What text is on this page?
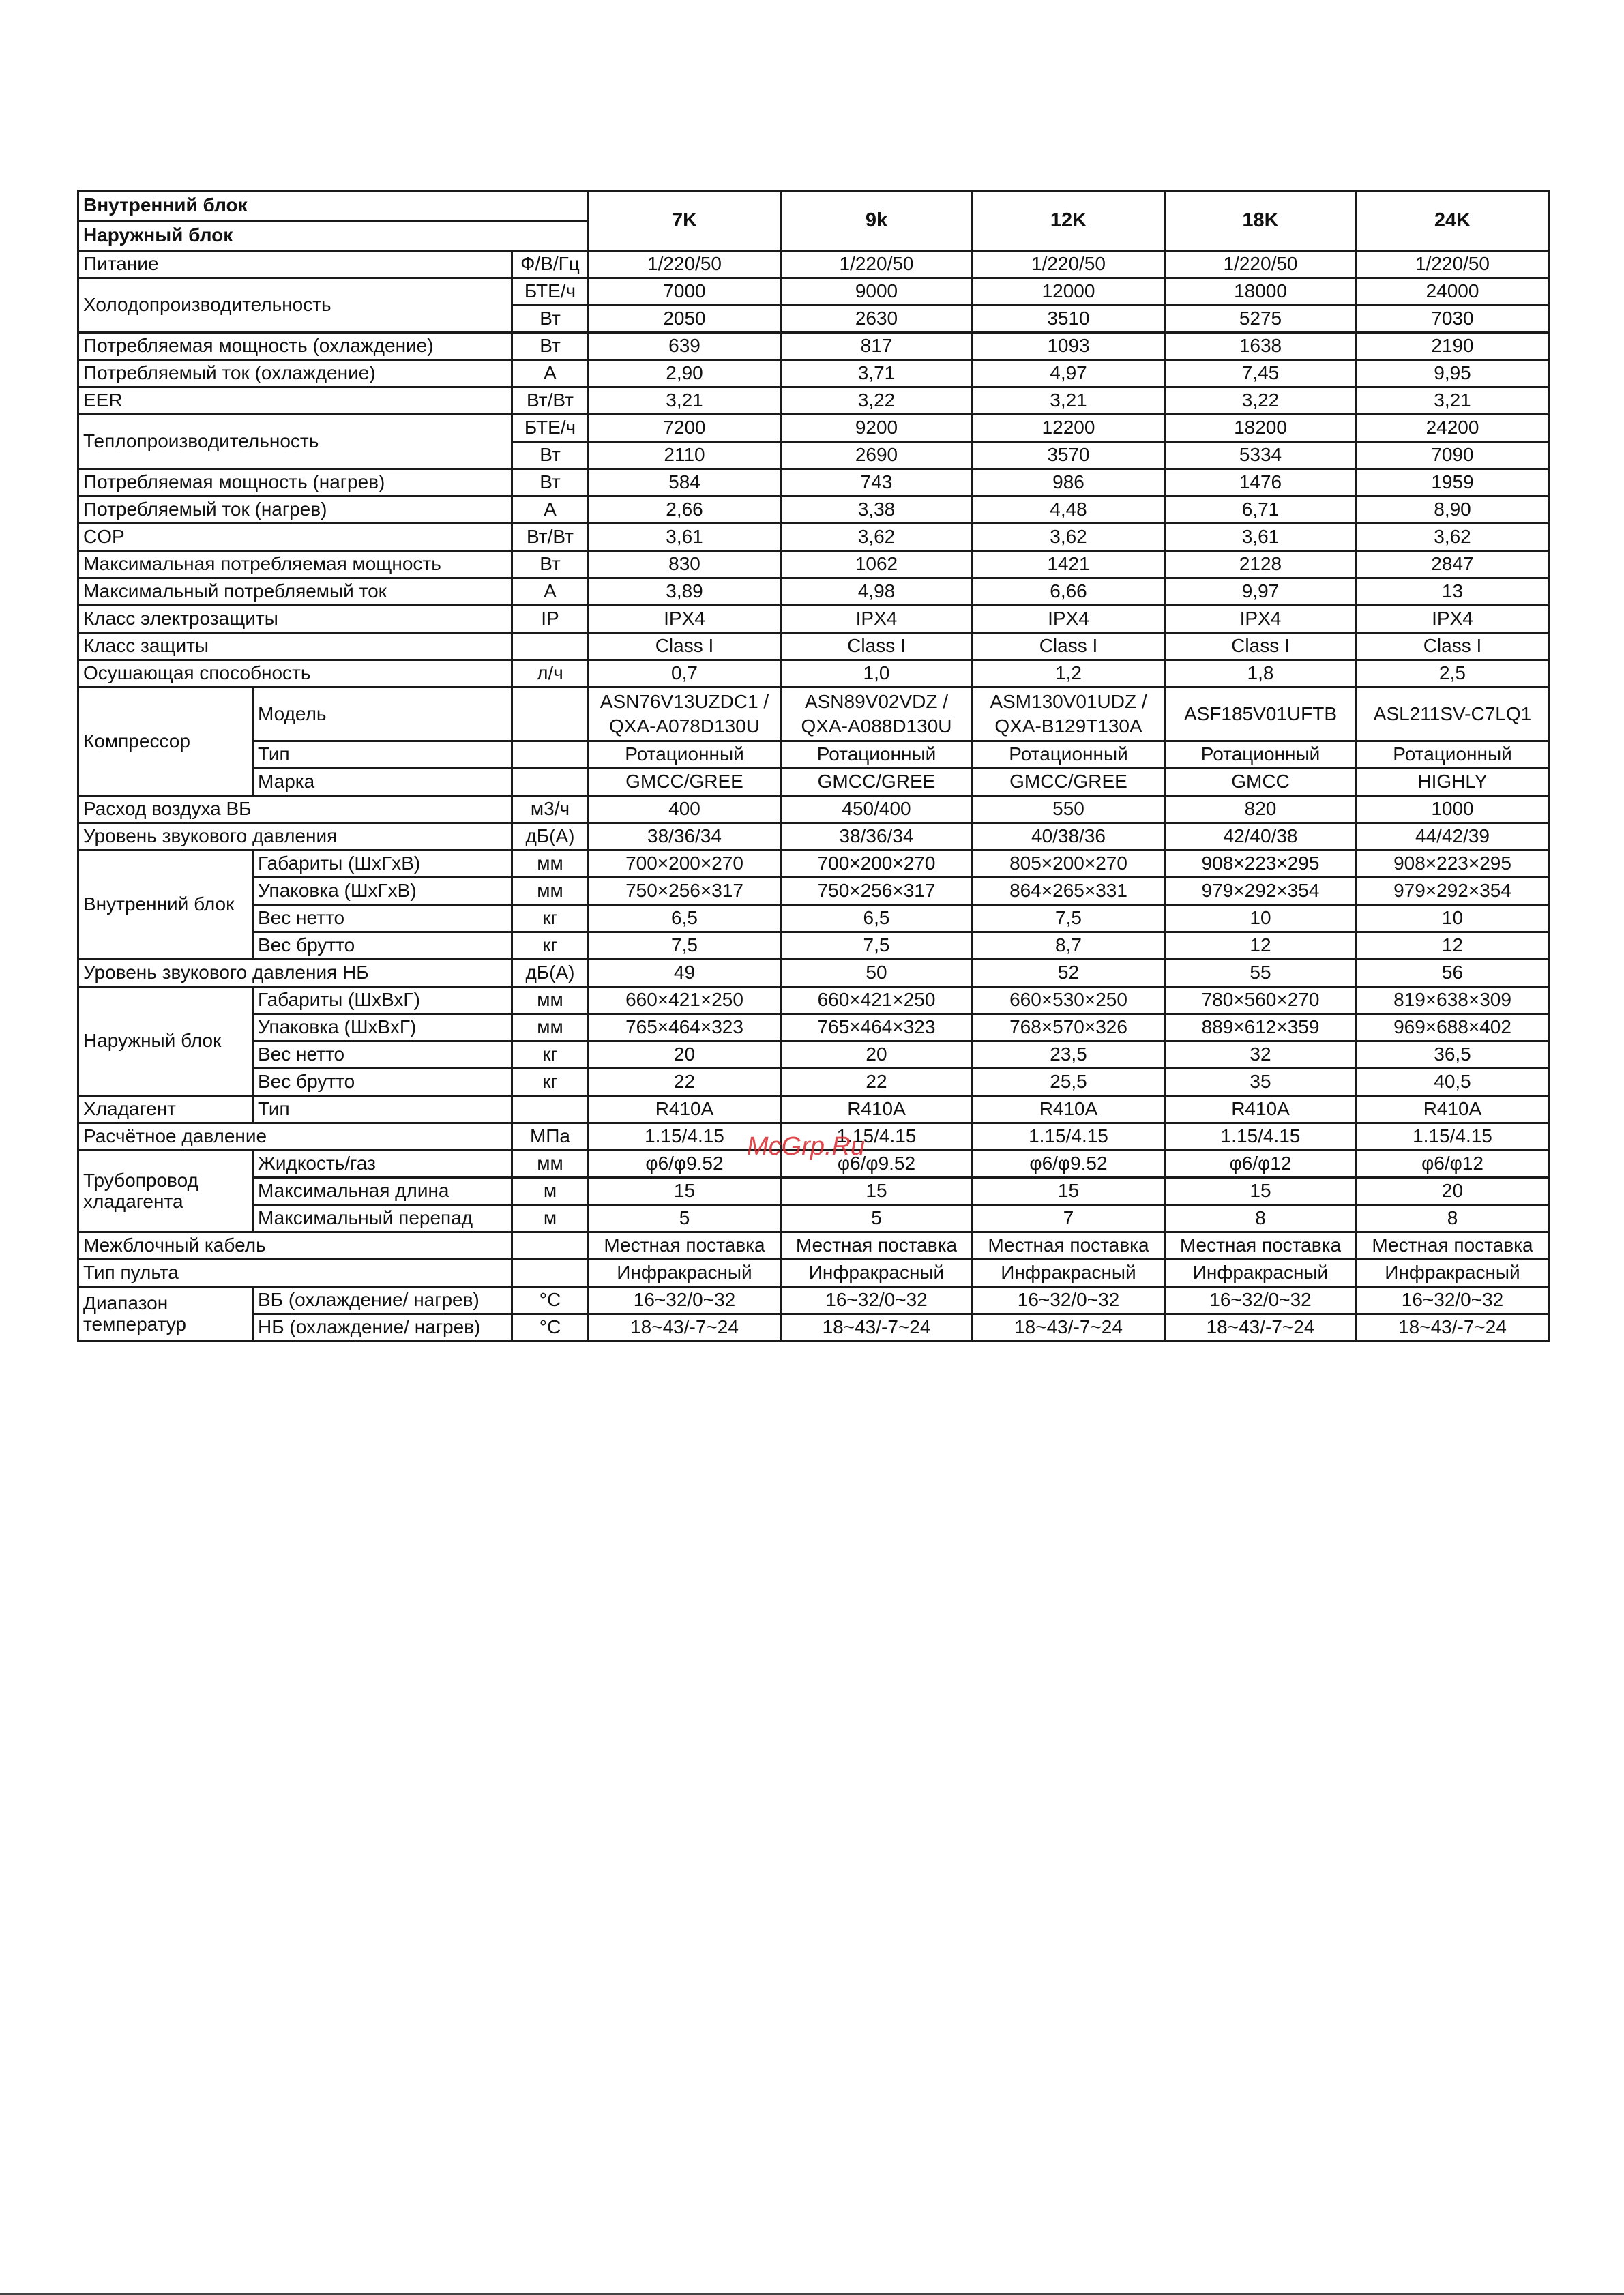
Внутренний блок			7K	9k	12K	18K	24K
Наружный блок							
Питание		Ф/В/Гц	1/220/50	1/220/50	1/220/50	1/220/50	1/220/50
Холодопроизводительность		БТЕ/ч	7000	9000	12000	18000	24000
		Вт	2050	2630	3510	5275	7030
Потребляемая мощность (охлаждение)		Вт	639	817	1093	1638	2190
Потребляемый ток (охлаждение)		А	2,90	3,71	4,97	7,45	9,95
EER		Вт/Вт	3,21	3,22	3,21	3,22	3,21
Теплопроизводительность		БТЕ/ч	7200	9200	12200	18200	24200
		Вт	2110	2690	3570	5334	7090
Потребляемая мощность (нагрев)		Вт	584	743	986	1476	1959
Потребляемый ток (нагрев)		А	2,66	3,38	4,48	6,71	8,90
COP		Вт/Вт	3,61	3,62	3,62	3,61	3,62
Максимальная потребляемая мощность		Вт	830	1062	1421	2128	2847
Максимальный потребляемый ток		А	3,89	4,98	6,66	9,97	13
Класс электрозащиты		IP	IPX4	IPX4	IPX4	IPX4	IPX4
Класс защиты			Class I	Class I	Class I	Class I	Class I
Осушающая способность		л/ч	0,7	1,0	1,2	1,8	2,5
Компрессор	Модель		ASN76V13UZDC1 / QXA-A078D130U	ASN89V02VDZ / QXA-A088D130U	ASM130V01UDZ / QXA-B129T130A	ASF185V01UFTB	ASL211SV-C7LQ1
	Тип		Ротационный	Ротационный	Ротационный	Ротационный	Ротационный
	Марка		GMCC/GREE	GMCC/GREE	GMCC/GREE	GMCC	HIGHLY
Расход воздуха ВБ		м3/ч	400	450/400	550	820	1000
Уровень звукового давления		дБ(А)	38/36/34	38/36/34	40/38/36	42/40/38	44/42/39
Внутренний блок	Габариты (ШхГхВ)	мм	700×200×270	700×200×270	805×200×270	908×223×295	908×223×295
	Упаковка (ШхГхВ)	мм	750×256×317	750×256×317	864×265×331	979×292×354	979×292×354
	Вес нетто	кг	6,5	6,5	7,5	10	10
	Вес брутто	кг	7,5	7,5	8,7	12	12
Уровень звукового давления НБ		дБ(А)	49	50	52	55	56
Наружный блок	Габариты (ШхВхГ)	мм	660×421×250	660×421×250	660×530×250	780×560×270	819×638×309
	Упаковка (ШхВхГ)	мм	765×464×323	765×464×323	768×570×326	889×612×359	969×688×402
	Вес нетто	кг	20	20	23,5	32	36,5
	Вес брутто	кг	22	22	25,5	35	40,5
Хладагент	Тип		R410A	R410A	R410A	R410A	R410A
Расчётное давление		МПа	1.15/4.15	1.15/4.15	1.15/4.15	1.15/4.15	1.15/4.15
Трубопровод хладагента	Жидкость/газ	мм	φ6/φ9.52	φ6/φ9.52	φ6/φ9.52	φ6/φ12	φ6/φ12
	Максимальная длина	м	15	15	15	15	20
	Максимальный перепад	м	5	5	7	8	8
Межблочный кабель			Местная поставка	Местная поставка	Местная поставка	Местная поставка	Местная поставка
Тип пульта			Инфракрасный	Инфракрасный	Инфракрасный	Инфракрасный	Инфракрасный
Диапазон температур	ВБ (охлаждение/ нагрев)	°C	16~32/0~32	16~32/0~32	16~32/0~32	16~32/0~32	16~32/0~32
	НБ (охлаждение/ нагрев)	°C	18~43/-7~24	18~43/-7~24	18~43/-7~24	18~43/-7~24	18~43/-7~24
McGrp.Ru
